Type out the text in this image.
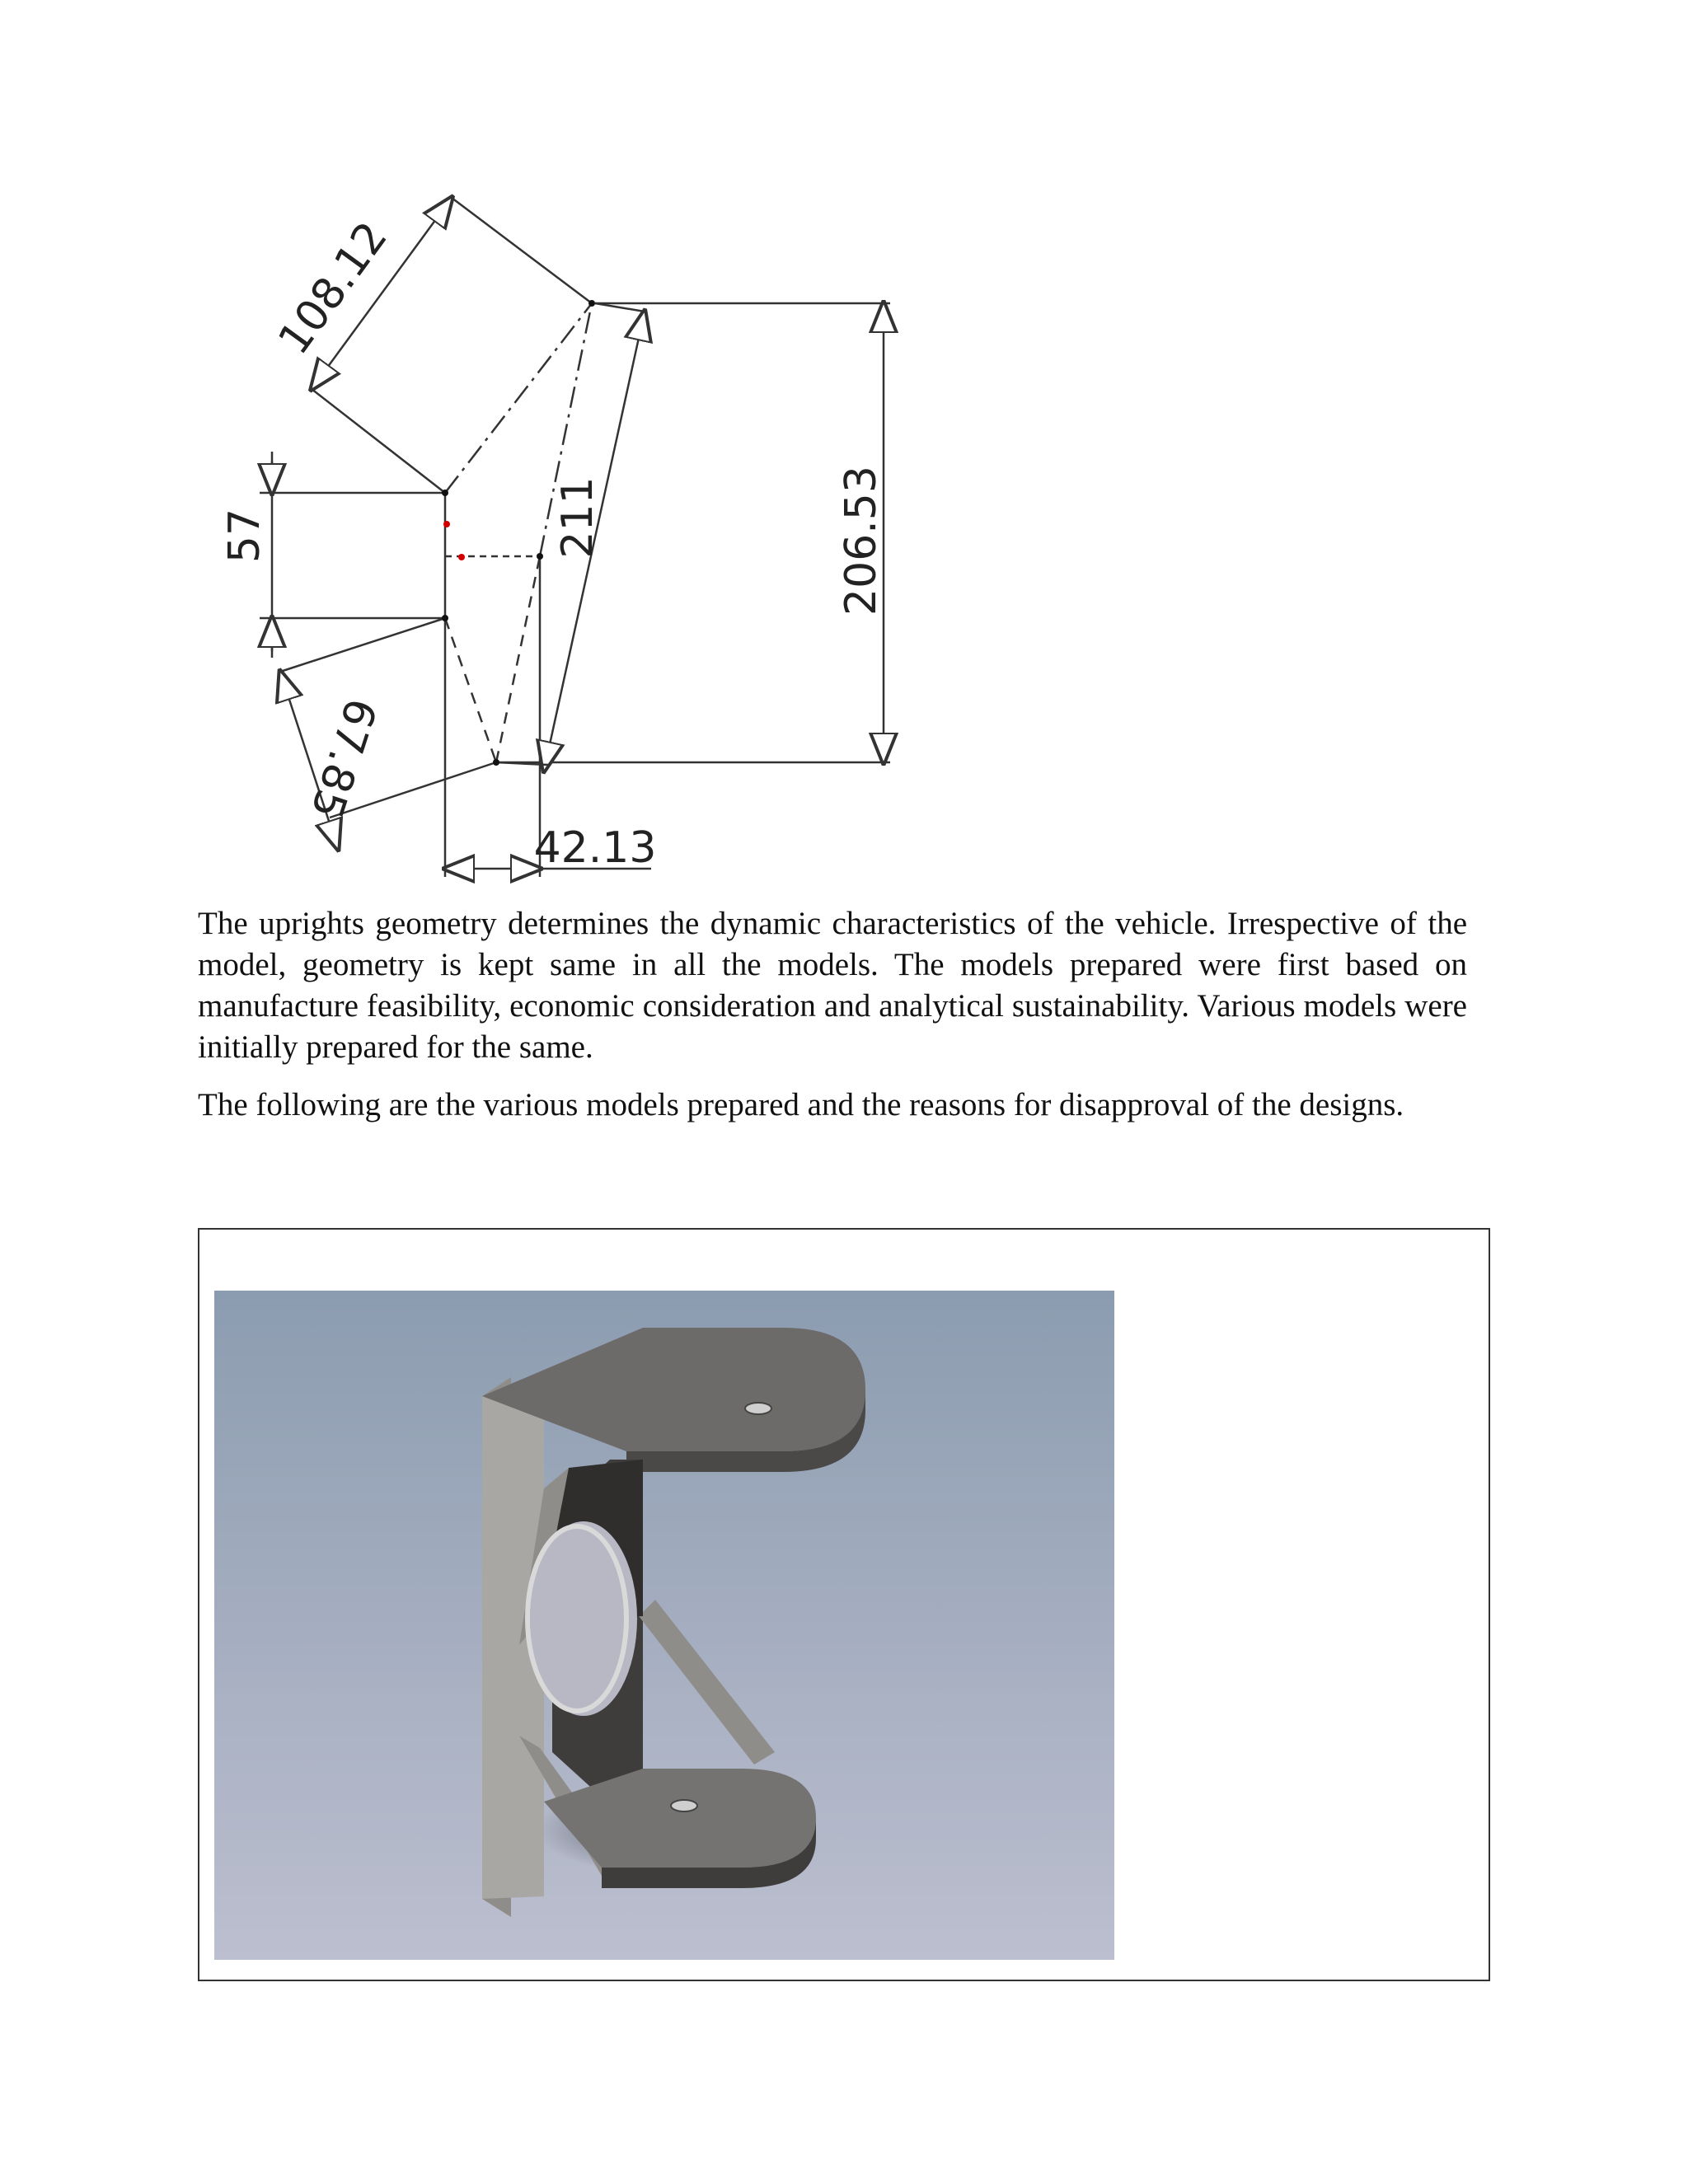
108.12
57	211	206.53
67.85
42.13

The uprights geometry determines the dynamic characteristics of the vehicle. Irrespective of the model, geometry is kept same in all the models. The models prepared were first based on manufacture feasibility, economic consideration and analytical sustainability. Various models were initially prepared for the same.

The following are the various models prepared and the reasons for disapproval of the designs.
